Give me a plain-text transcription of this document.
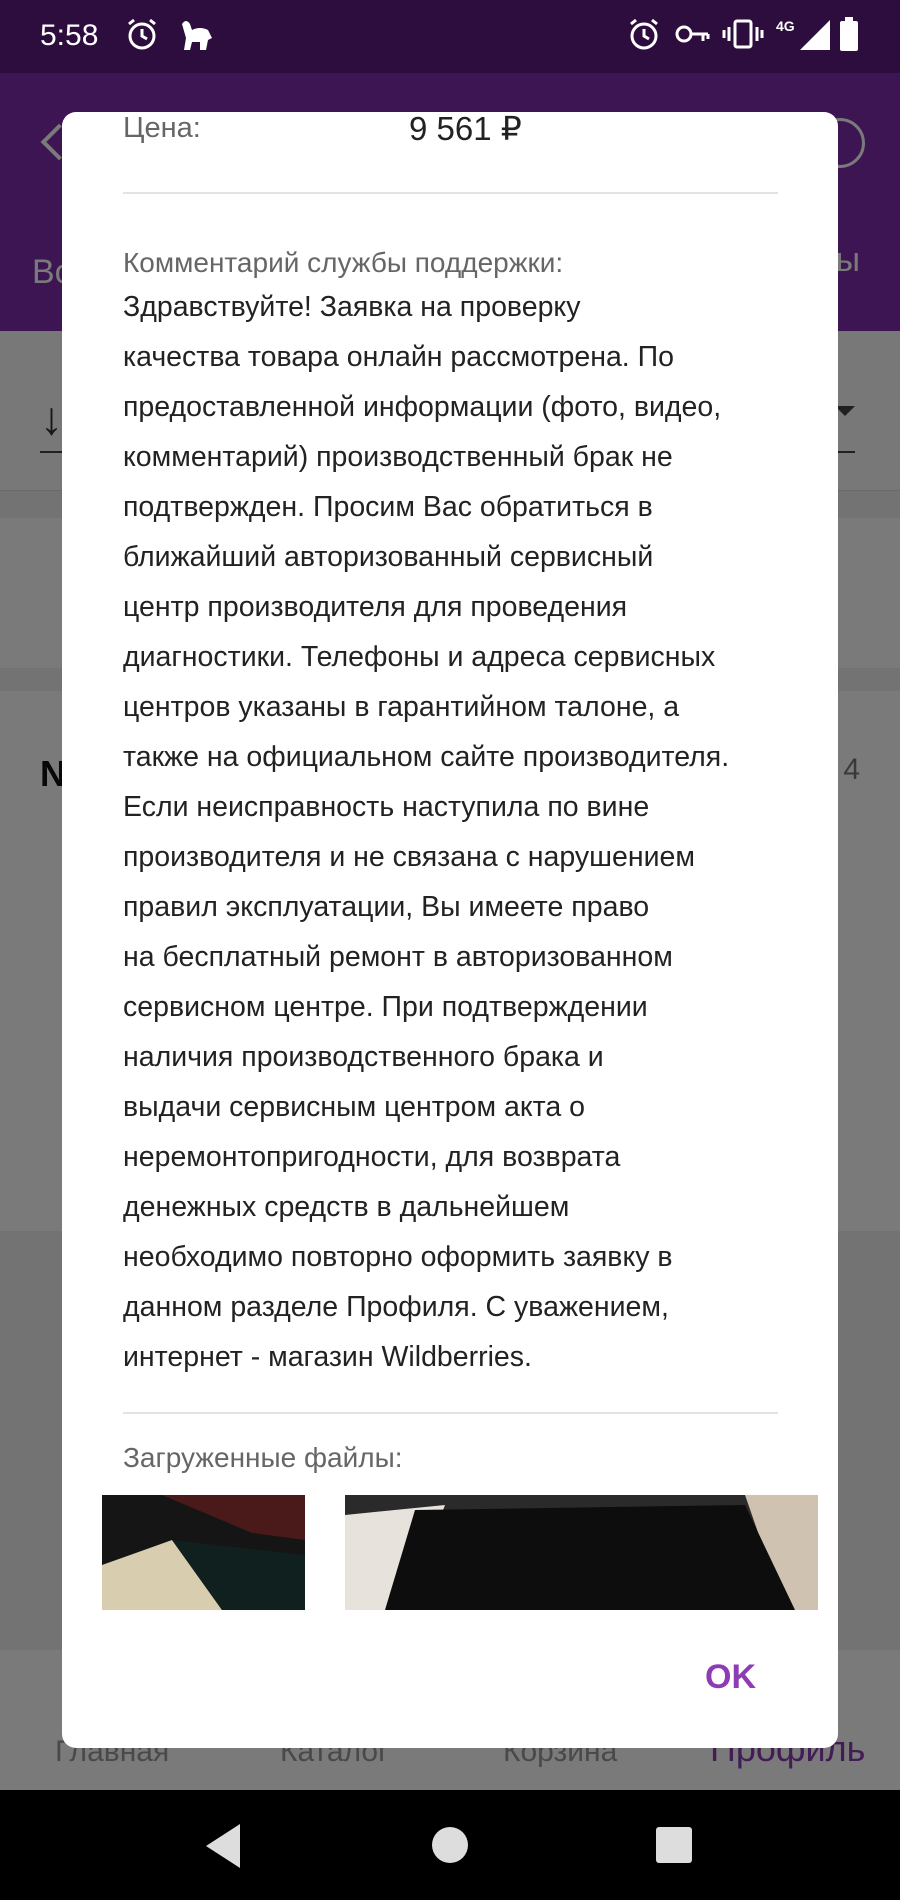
5:58	4G
Цена:	9 561 ₽
Комментарий службы поддержки:
Здравствуйте! Заявка на проверку
качества товара онлайн рассмотрена. По
предоставленной информации (фото, видео,
комментарий) производственный брак не
подтвержден. Просим Вас обратиться в
ближайший авторизованный сервисный
центр производителя для проведения
диагностики. Телефоны и адреса сервисных
центров указаны в гарантийном талоне, а
также на официальном сайте производителя.
Если неисправность наступила по вине
производителя и не связана с нарушением
правил эксплуатации, Вы имеете право
на бесплатный ремонт в авторизованном
сервисном центре. При подтверждении
наличия производственного брака и
выдачи сервисным центром акта о
неремонтопригодности, для возврата
денежных средств в дальнейшем
необходимо повторно оформить заявку в
данном разделе Профиля. С уважением,
интернет - магазин Wildberries.
Загруженные файлы:
OK
